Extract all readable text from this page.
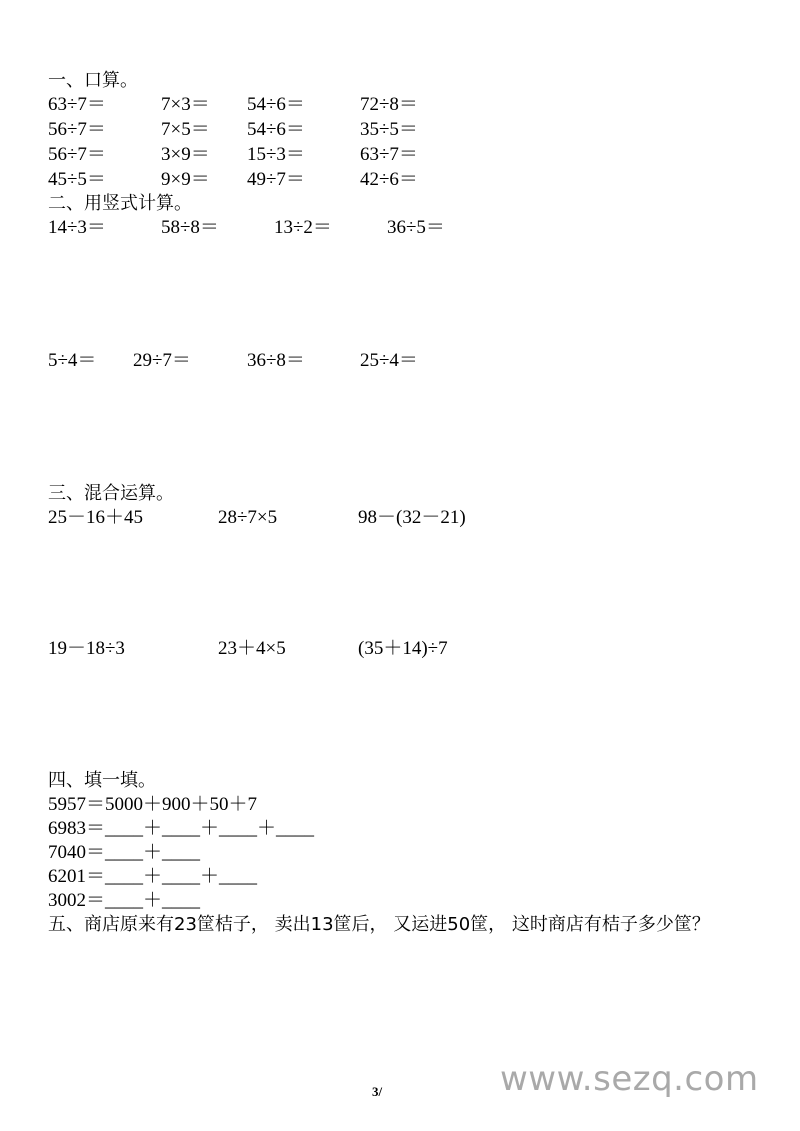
一、口算。
63÷7＝	7×3＝ 54÷6＝	72÷8＝
56÷7＝	7×5＝ 54÷6＝	35÷5＝
56÷7＝	3×9＝ 15÷3＝	63÷7＝
45÷5＝	9×9＝ 49÷7＝	42÷6＝
二、用竖式计算。
14÷3＝	58÷8＝	13÷2＝	36÷5＝
5÷4＝ 29÷7＝	36÷8＝	25÷4＝
三、混合运算。
25－16＋45	28÷7×5	98－(32－21)
19－18÷3	23＋4×5	(35＋14)÷7
四、填一填。
5957＝5000＋900＋50＋7
6983＝____＋____＋____＋____
7040＝____＋____
6201＝____＋____＋____
3002＝____＋____
五、商店原来有23筐桔子， 卖出13筐后， 又运进50筐， 这时商店有桔子多少筐？
3/	www.sezq.com
